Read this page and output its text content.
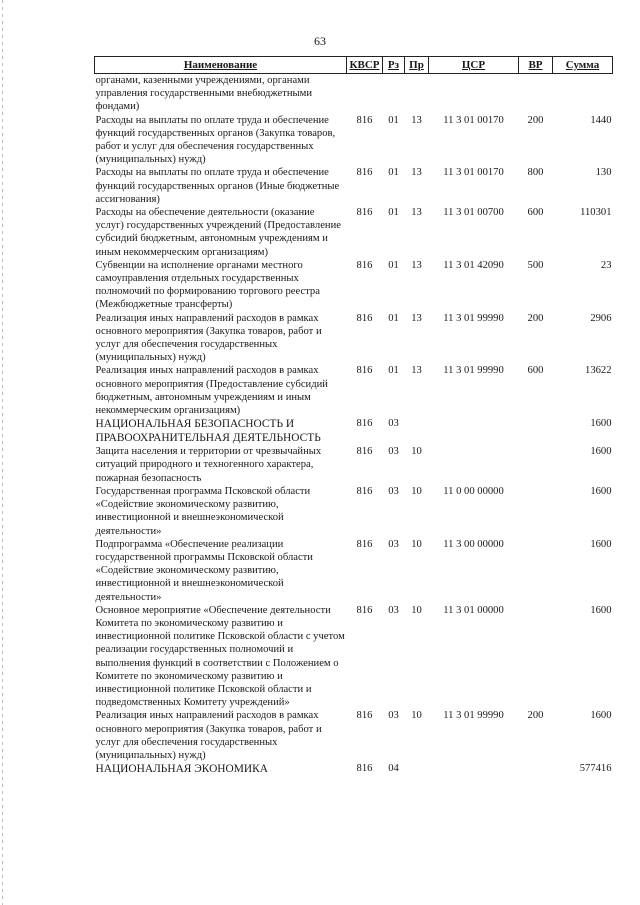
63
Наименование	КВСР	Рз	Пр	ЦСР	ВР	Сумма
органами, казенными учреждениями, органами управления государственными внебюджетными фондами)						
Расходы на выплаты по оплате труда и обеспечение функций государственных органов (Закупка товаров, работ и услуг для обеспечения государственных (муниципальных) нужд)	816	01	13	11 3 01 00170	200	1440
Расходы на выплаты по оплате труда и обеспечение функций государственных органов (Иные бюджетные ассигнования)	816	01	13	11 3 01 00170	800	130
Расходы на обеспечение деятельности (оказание услуг) государственных учреждений (Предоставление субсидий бюджетным, автономным учреждениям и иным некоммерческим организациям)	816	01	13	11 3 01 00700	600	110301
Субвенции на исполнение органами местного самоуправления отдельных государственных полномочий по формированию торгового реестра (Межбюджетные трансферты)	816	01	13	11 3 01 42090	500	23
Реализация иных направлений расходов в рамках основного мероприятия (Закупка товаров, работ и услуг для обеспечения государственных (муниципальных) нужд)	816	01	13	11 3 01 99990	200	2906
Реализация иных направлений расходов в рамках основного мероприятия (Предоставление субсидий бюджетным, автономным учреждениям и иным некоммерческим организациям)	816	01	13	11 3 01 99990	600	13622
НАЦИОНАЛЬНАЯ БЕЗОПАСНОСТЬ И ПРАВООХРАНИТЕЛЬНАЯ ДЕЯТЕЛЬНОСТЬ	816	03				1600
Защита населения и территории от чрезвычайных ситуаций природного и техногенного характера, пожарная безопасность	816	03	10			1600
Государственная программа Псковской области «Содействие экономическому развитию, инвестиционной и внешнеэкономической деятельности»	816	03	10	11 0 00 00000		1600
Подпрограмма «Обеспечение реализации государственной программы Псковской области «Содействие экономическому развитию, инвестиционной и внешнеэкономической деятельности»	816	03	10	11 3 00 00000		1600
Основное мероприятие «Обеспечение деятельности Комитета по экономическому развитию и инвестиционной политике Псковской области с учетом реализации государственных полномочий и выполнения функций в соответствии с Положением о Комитете по экономическому развитию и инвестиционной политике Псковской области и подведомственных Комитету учреждений»	816	03	10	11 3 01 00000		1600
Реализация иных направлений расходов в рамках основного мероприятия (Закупка товаров, работ и услуг для обеспечения государственных (муниципальных) нужд)	816	03	10	11 3 01 99990	200	1600
НАЦИОНАЛЬНАЯ ЭКОНОМИКА	816	04				577416
